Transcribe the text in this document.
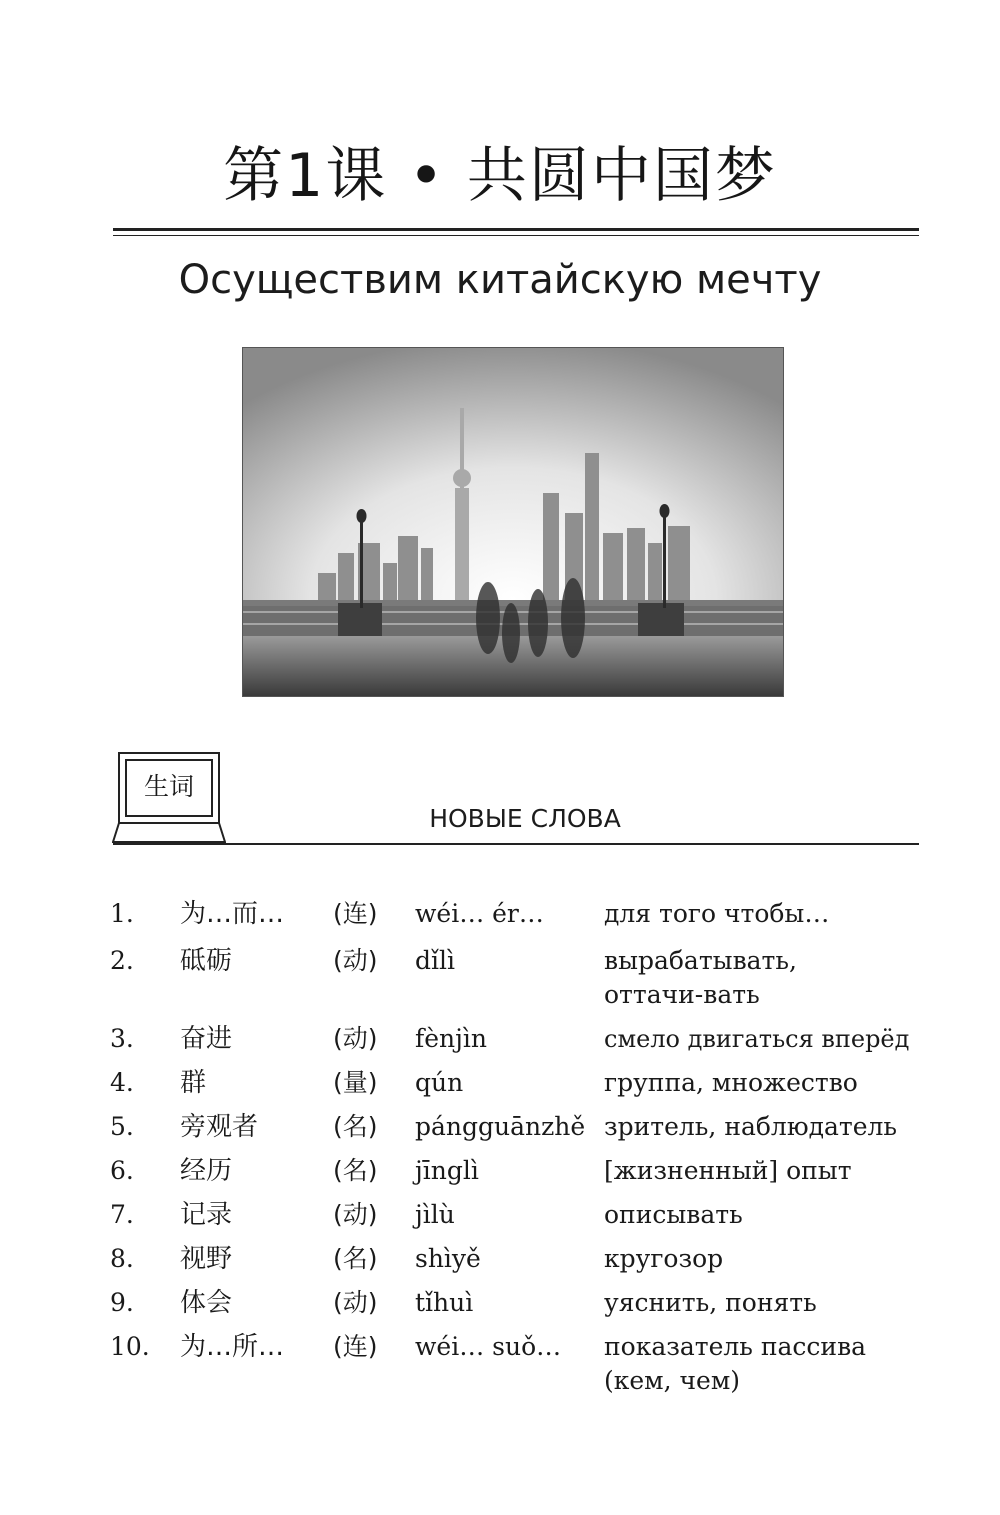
第1课 • 共圆中国梦
Осуществим китайскую мечту
生词
НОВЫЕ СЛОВА
1. 为…而… (连) wéi… ér… для того чтобы…
2. 砥砺	(动) dǐlì	вырабатывать, оттачи-вать
3. 奋进	(动) fènjìn	смело двигаться вперёд
4. 群	(量) qún	группа, множество
5. 旁观者	(名) pángguānzhě зритель, наблюдатель
6. 经历	(名) jīnglì	[жизненный] опыт
7. 记录	(动) jìlù	описывать
8. 视野	(名) shìyě	кругозор
9. 体会	(动) tǐhuì	уяснить, понять
10. 为…所… (连) wéi… suǒ… показатель пассива (кем, чем)
